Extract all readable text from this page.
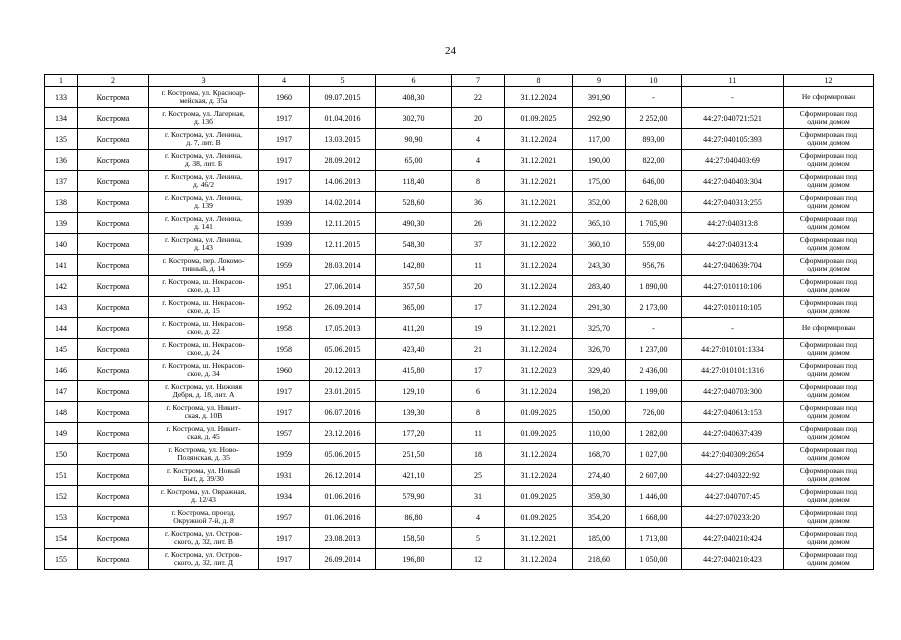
24
1	2	3	4	5	6	7	8	9	10	11	12
133	Кострома	г. Кострома, ул. Красноар-
мейская, д. 35а	1960	09.07.2015	408,30	22	31.12.2024	391,90	-	-	Не сформирован
134	Кострома	г. Кострома, ул. Лагерная,
д. 13б	1917	01.04.2016	302,70	20	01.09.2025	292,90	2 252,00	44:27:040721:521	Сформирован под
одним домом
135	Кострома	г. Кострома, ул. Ленина,
д. 7, лит. В	1917	13.03.2015	90,90	4	31.12.2024	117,00	893,00	44:27:040105:393	Сформирован под
одним домом
136	Кострома	г. Кострома, ул. Ленина,
д. 38, лит. Б	1917	28.09.2012	65,00	4	31.12.2021	190,00	822,00	44:27:040403:69	Сформирован под
одним домом
137	Кострома	г. Кострома, ул. Ленина,
д. 46/2	1917	14.06.2013	118,40	8	31.12.2021	175,00	646,00	44:27:040403:304	Сформирован под
одним домом
138	Кострома	г. Кострома, ул. Ленина,
д. 139	1939	14.02.2014	528,60	36	31.12.2021	352,00	2 628,00	44:27:040313:255	Сформирован под
одним домом
139	Кострома	г. Кострома, ул. Ленина,
д. 141	1939	12.11.2015	490,30	26	31.12.2022	365,10	1 705,90	44:27:040313:8	Сформирован под
одним домом
140	Кострома	г. Кострома, ул. Ленина,
д. 143	1939	12.11.2015	548,30	37	31.12.2022	360,10	559,00	44:27:040313:4	Сформирован под
одним домом
141	Кострома	г. Кострома, пер. Локомо-
тивный, д. 14	1959	28.03.2014	142,80	11	31.12.2024	243,30	956,76	44:27:040639:704	Сформирован под
одним домом
142	Кострома	г. Кострома, ш. Некрасов-
ское, д. 13	1951	27.06.2014	357,50	20	31.12.2024	283,40	1 890,00	44:27:010110:106	Сформирован под
одним домом
143	Кострома	г. Кострома, ш. Некрасов-
ское, д. 15	1952	26.09.2014	365,00	17	31.12.2024	291,30	2 173,00	44:27:010110:105	Сформирован под
одним домом
144	Кострома	г. Кострома, ш. Некрасов-
ское, д. 22	1958	17.05.2013	411,20	19	31.12.2021	325,70	-	-	Не сформирован
145	Кострома	г. Кострома, ш. Некрасов-
ское, д. 24	1958	05.06.2015	423,40	21	31.12.2024	326,70	1 237,00	44:27:010101:1334	Сформирован под
одним домом
146	Кострома	г. Кострома, ш. Некрасов-
ское, д. 34	1960	20.12.2013	415,80	17	31.12.2023	329,40	2 436,00	44:27:010101:1316	Сформирован под
одним домом
147	Кострома	г. Кострома, ул. Нижняя
Дебря, д. 18, лит. А	1917	23.01.2015	129,10	6	31.12.2024	198,20	1 199,00	44:27:040703:300	Сформирован под
одним домом
148	Кострома	г. Кострома, ул. Никит-
ская, д. 10В	1917	06.07.2016	139,30	8	01.09.2025	150,00	726,00	44:27:040613:153	Сформирован под
одним домом
149	Кострома	г. Кострома, ул. Никит-
ская, д. 45	1957	23.12.2016	177,20	11	01.09.2025	110,00	1 282,00	44:27:040637:439	Сформирован под
одним домом
150	Кострома	г. Кострома, ул. Ново-
Полянская, д. 35	1959	05.06.2015	251,50	18	31.12.2024	168,70	1 027,00	44:27:040309:2654	Сформирован под
одним домом
151	Кострома	г. Кострома, ул. Новый
Быт, д. 39/30	1931	26.12.2014	421,10	25	31.12.2024	274,40	2 607,00	44:27:040322:92	Сформирован под
одним домом
152	Кострома	г. Кострома, ул. Овражная,
д. 12/43	1934	01.06.2016	579,90	31	01.09.2025	359,30	1 446,00	44:27:040707:45	Сформирован под
одним домом
153	Кострома	г. Кострома, проезд.
Окружной 7-й, д. 8	1957	01.06.2016	86,80	4	01.09.2025	354,20	1 668,00	44:27:070233:20	Сформирован под
одним домом
154	Кострома	г. Кострома, ул. Остров-
ского, д. 32, лит. В	1917	23.08.2013	158,50	5	31.12.2021	185,00	1 713,00	44:27:040210:424	Сформирован под
одним домом
155	Кострома	г. Кострома, ул. Остров-
ского, д. 32, лит. Д	1917	26.09.2014	196,80	12	31.12.2024	218,60	1 050,00	44:27:040210:423	Сформирован под
одним домом
